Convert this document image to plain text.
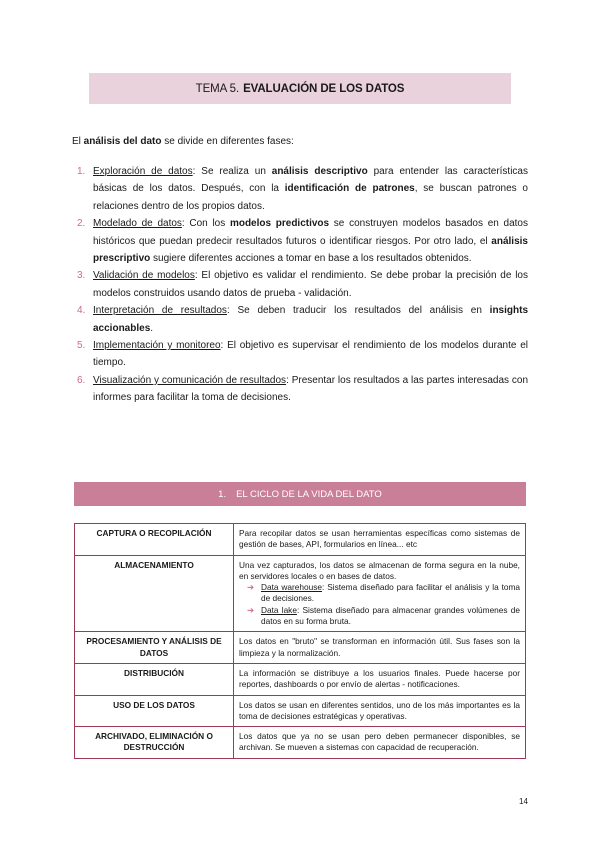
TEMA 5. EVALUACIÓN DE LOS DATOS
El análisis del dato se divide en diferentes fases:
1. Exploración de datos: Se realiza un análisis descriptivo para entender las características básicas de los datos. Después, con la identificación de patrones, se buscan patrones o relaciones dentro de los propios datos.
2. Modelado de datos: Con los modelos predictivos se construyen modelos basados en datos históricos que puedan predecir resultados futuros o identificar riesgos. Por otro lado, el análisis prescriptivo sugiere diferentes acciones a tomar en base a los resultados obtenidos.
3. Validación de modelos: El objetivo es validar el rendimiento. Se debe probar la precisión de los modelos construidos usando datos de prueba - validación.
4. Interpretación de resultados: Se deben traducir los resultados del análisis en insights accionables.
5. Implementación y monitoreo: El objetivo es supervisar el rendimiento de los modelos durante el tiempo.
6. Visualización y comunicación de resultados: Presentar los resultados a las partes interesadas con informes para facilitar la toma de decisiones.
1. EL CICLO DE LA VIDA DEL DATO
CAPTURA O RECOPILACIÓN	Para recopilar datos se usan herramientas específicas como sistemas de gestión de bases, API, formularios en línea... etc
ALMACENAMIENTO	Una vez capturados, los datos se almacenan de forma segura en la nube, en servidores locales o en bases de datos.
➔ Data warehouse: Sistema diseñado para facilitar el análisis y la toma de decisiones.
➔ Data lake: Sistema diseñado para almacenar grandes volúmenes de datos en su forma bruta.

PROCESAMIENTO Y ANÁLISIS DE DATOS	Los datos en "bruto" se transforman en información útil. Sus fases son la limpieza y la normalización.
DISTRIBUCIÓN	La información se distribuye a los usuarios finales. Puede hacerse por reportes, dashboards o por envío de alertas - notificaciones.
USO DE LOS DATOS	Los datos se usan en diferentes sentidos, uno de los más importantes es la toma de decisiones estratégicas y operativas.
ARCHIVADO, ELIMINACIÓN O DESTRUCCIÓN	Los datos que ya no se usan pero deben permanecer disponibles, se archivan. Se mueven a sistemas con capacidad de recuperación.
14
